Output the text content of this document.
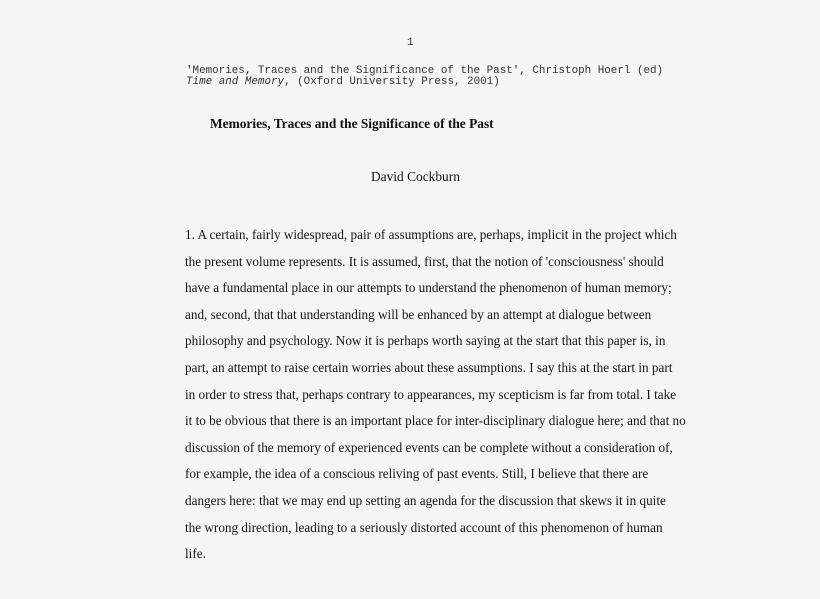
1
'Memories, Traces and the Significance of the Past', Christoph Hoerl (ed)
Time and Memory, (Oxford University Press, 2001)
Memories, Traces and the Significance of the Past
David Cockburn
1. A certain, fairly widespread, pair of assumptions are, perhaps, implicit in the project which
the present volume represents. It is assumed, first, that the notion of 'consciousness' should
have a fundamental place in our attempts to understand the phenomenon of human memory;
and, second, that that understanding will be enhanced by an attempt at dialogue between
philosophy and psychology. Now it is perhaps worth saying at the start that this paper is, in
part, an attempt to raise certain worries about these assumptions. I say this at the start in part
in order to stress that, perhaps contrary to appearances, my scepticism is far from total. I take
it to be obvious that there is an important place for inter-disciplinary dialogue here; and that no
discussion of the memory of experienced events can be complete without a consideration of,
for example, the idea of a conscious reliving of past events. Still, I believe that there are
dangers here: that we may end up setting an agenda for the discussion that skews it in quite
the wrong direction, leading to a seriously distorted account of this phenomenon of human
life.
